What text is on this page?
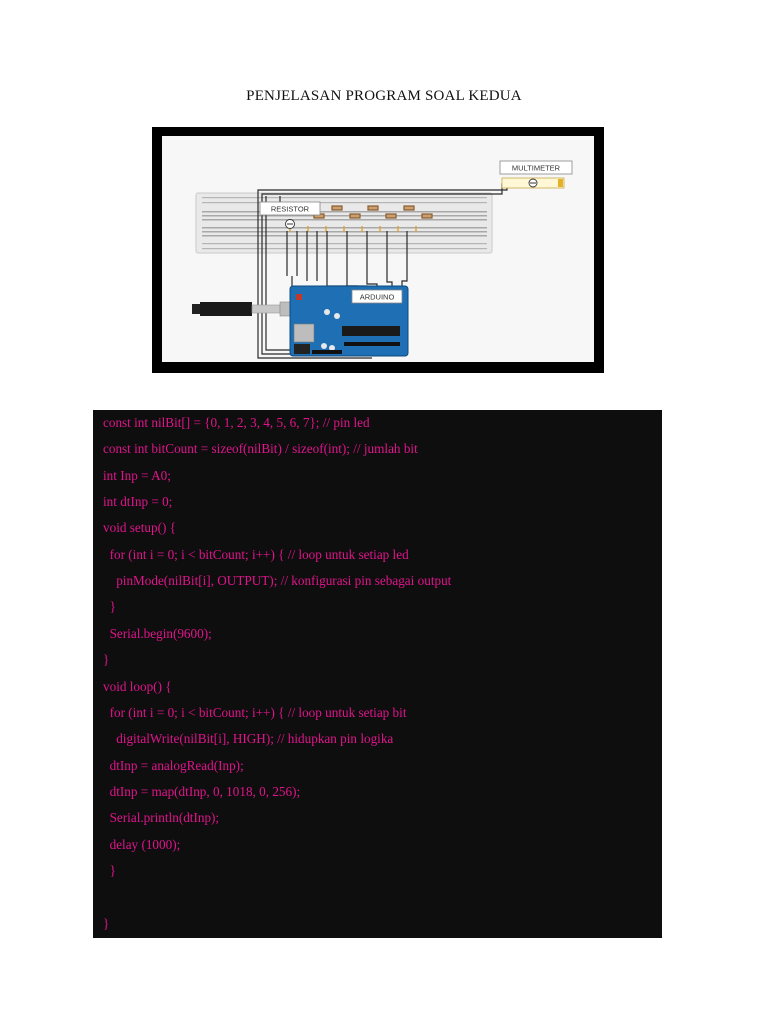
PENJELASAN PROGRAM SOAL KEDUA
MULTIMETER
RESISTOR
ARDUINO
const int nilBit[] = {0, 1, 2, 3, 4, 5, 6, 7}; // pin led
const int bitCount = sizeof(nilBit) / sizeof(int); // jumlah bit
int Inp = A0;
int dtInp = 0;
void setup() {
for (int i = 0; i < bitCount; i++) { // loop untuk setiap led
pinMode(nilBit[i], OUTPUT); // konfigurasi pin sebagai output
}
Serial.begin(9600);
}
void loop() {
for (int i = 0; i < bitCount; i++) { // loop untuk setiap bit
digitalWrite(nilBit[i], HIGH); // hidupkan pin logika
dtInp = analogRead(Inp);
dtInp = map(dtInp, 0, 1018, 0, 256);
Serial.println(dtInp);
delay (1000);
}
}
